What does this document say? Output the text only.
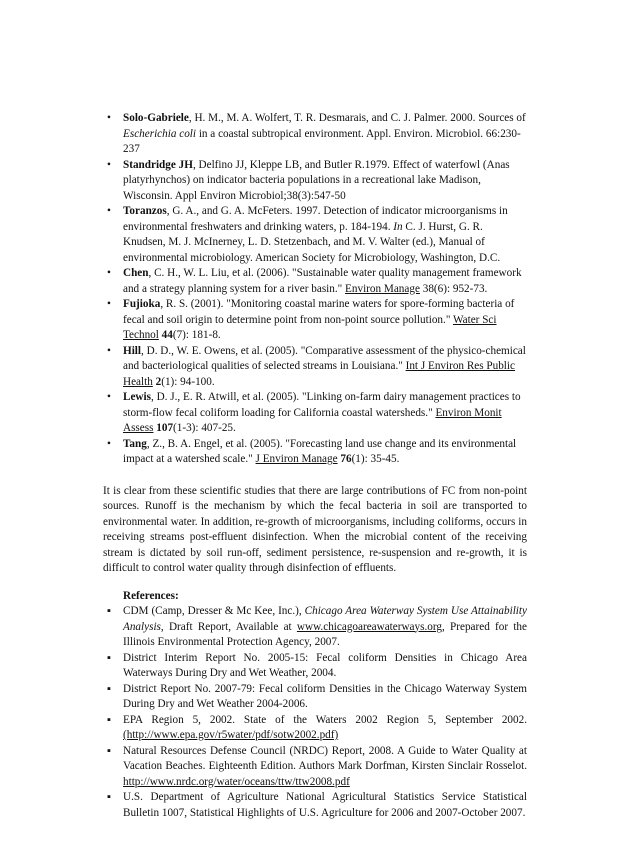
• Solo-Gabriele, H. M., M. A. Wolfert, T. R. Desmarais, and C. J. Palmer. 2000. Sources of Escherichia coli in a coastal subtropical environment. Appl. Environ. Microbiol. 66:230-237
• Standridge JH, Delfino JJ, Kleppe LB, and Butler R.1979. Effect of waterfowl (Anas platyrhynchos) on indicator bacteria populations in a recreational lake Madison, Wisconsin. Appl Environ Microbiol;38(3):547-50
• Toranzos, G. A., and G. A. McFeters. 1997. Detection of indicator microorganisms in environmental freshwaters and drinking waters, p. 184-194. In C. J. Hurst, G. R. Knudsen, M. J. McInerney, L. D. Stetzenbach, and M. V. Walter (ed.), Manual of environmental microbiology. American Society for Microbiology, Washington, D.C.
• Chen, C. H., W. L. Liu, et al. (2006). "Sustainable water quality management framework and a strategy planning system for a river basin." Environ Manage 38(6): 952-73.
• Fujioka, R. S. (2001). "Monitoring coastal marine waters for spore-forming bacteria of fecal and soil origin to determine point from non-point source pollution." Water Sci Technol 44(7): 181-8.
• Hill, D. D., W. E. Owens, et al. (2005). "Comparative assessment of the physico-chemical and bacteriological qualities of selected streams in Louisiana." Int J Environ Res Public Health 2(1): 94-100.
• Lewis, D. J., E. R. Atwill, et al. (2005). "Linking on-farm dairy management practices to storm-flow fecal coliform loading for California coastal watersheds." Environ Monit Assess 107(1-3): 407-25.
• Tang, Z., B. A. Engel, et al. (2005). "Forecasting land use change and its environmental impact at a watershed scale." J Environ Manage 76(1): 35-45.

It is clear from these scientific studies that there are large contributions of FC from non-point sources. Runoff is the mechanism by which the fecal bacteria in soil are transported to environmental water. In addition, re-growth of microorganisms, including coliforms, occurs in receiving streams post-effluent disinfection. When the microbial content of the receiving stream is dictated by soil run-off, sediment persistence, re-suspension and re-growth, it is difficult to control water quality through disinfection of effluents.

References:

▪ CDM (Camp, Dresser & Mc Kee, Inc.), Chicago Area Waterway System Use Attainability Analysis, Draft Report, Available at www.chicagoareawaterways.org, Prepared for the Illinois Environmental Protection Agency, 2007.
▪ District Interim Report No. 2005-15: Fecal coliform Densities in Chicago Area Waterways During Dry and Wet Weather, 2004.
▪ District Report No. 2007-79: Fecal coliform Densities in the Chicago Waterway System During Dry and Wet Weather 2004-2006.
▪ EPA Region 5, 2002. State of the Waters 2002 Region 5, September 2002. (http://www.epa.gov/r5water/pdf/sotw2002.pdf)
▪ Natural Resources Defense Council (NRDC) Report, 2008. A Guide to Water Quality at Vacation Beaches. Eighteenth Edition. Authors Mark Dorfman, Kirsten Sinclair Rosselot. http://www.nrdc.org/water/oceans/ttw/ttw2008.pdf
▪ U.S. Department of Agriculture National Agricultural Statistics Service Statistical Bulletin 1007, Statistical Highlights of U.S. Agriculture for 2006 and 2007-October 2007.
